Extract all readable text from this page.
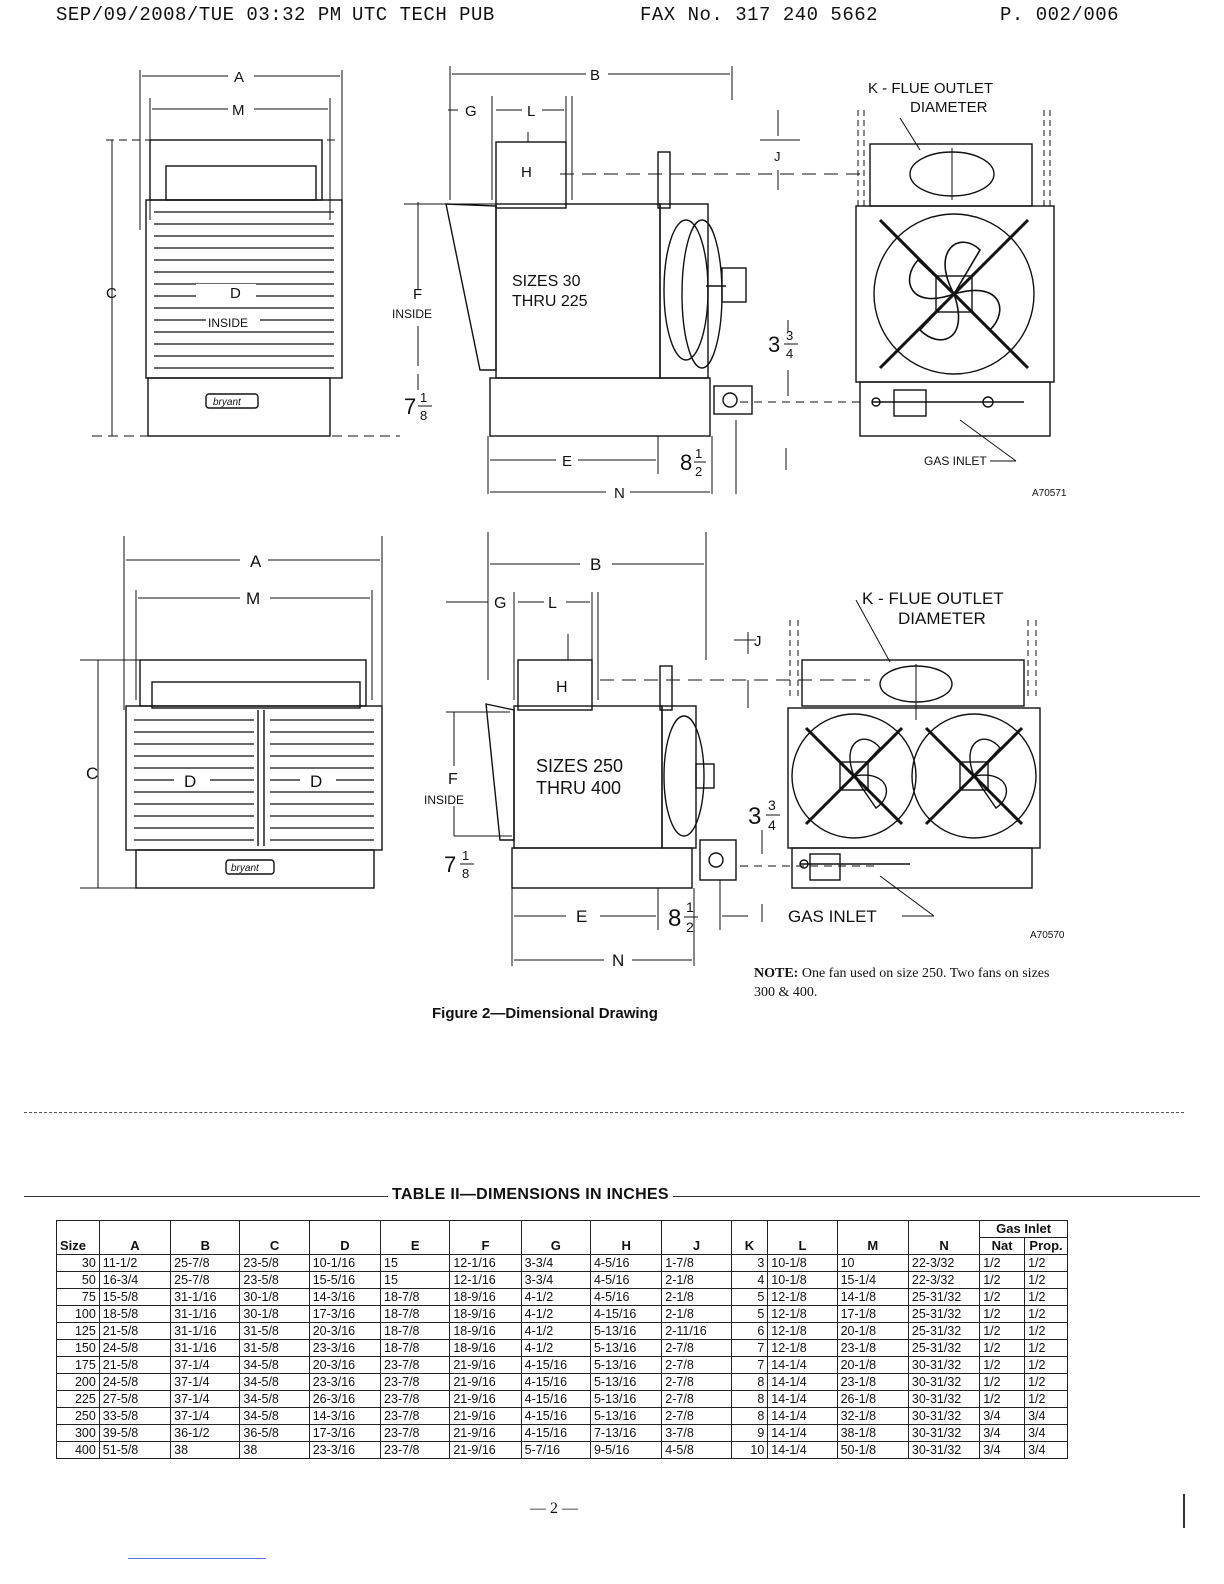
SEP/09/2008/TUE 03:32 PM UTC TECH PUB	FAX No. 317 240 5662	P. 002/006
A
M
C	D
INSIDE
bryant
B
G	L
H
F
INSIDE
SIZES 30
THRU 225
7 1
8
J
3 3
4
E	8 1
2
N
K - FLUE OUTLET
DIAMETER
GAS INLET
A70571
A
M
C	D	D
bryant
B
G	L
H
F
INSIDE
SIZES 250
THRU 400
7 1
8
J
3 3
4
E	8 1
2
N
K - FLUE OUTLET
DIAMETER
GAS INLET
A70570
NOTE: One fan used on size 250. Two fans on sizes 300 & 400.
Figure 2—Dimensional Drawing
TABLE II—DIMENSIONS IN INCHES
Size	A	B	C	D	E	F	G	H	J	K	L	M	N	Gas Inlet	
														Nat	Prop.
30	11-1/2	25-7/8	23-5/8	10-1/16	15	12-1/16	3-3/4	4-5/16	1-7/8	3	10-1/8	10	22-3/32	1/2	1/2
50	16-3/4	25-7/8	23-5/8	15-5/16	15	12-1/16	3-3/4	4-5/16	2-1/8	4	10-1/8	15-1/4	22-3/32	1/2	1/2
75	15-5/8	31-1/16	30-1/8	14-3/16	18-7/8	18-9/16	4-1/2	4-5/16	2-1/8	5	12-1/8	14-1/8	25-31/32	1/2	1/2
100	18-5/8	31-1/16	30-1/8	17-3/16	18-7/8	18-9/16	4-1/2	4-15/16	2-1/8	5	12-1/8	17-1/8	25-31/32	1/2	1/2
125	21-5/8	31-1/16	31-5/8	20-3/16	18-7/8	18-9/16	4-1/2	5-13/16	2-11/16	6	12-1/8	20-1/8	25-31/32	1/2	1/2
150	24-5/8	31-1/16	31-5/8	23-3/16	18-7/8	18-9/16	4-1/2	5-13/16	2-7/8	7	12-1/8	23-1/8	25-31/32	1/2	1/2
175	21-5/8	37-1/4	34-5/8	20-3/16	23-7/8	21-9/16	4-15/16	5-13/16	2-7/8	7	14-1/4	20-1/8	30-31/32	1/2	1/2
200	24-5/8	37-1/4	34-5/8	23-3/16	23-7/8	21-9/16	4-15/16	5-13/16	2-7/8	8	14-1/4	23-1/8	30-31/32	1/2	1/2
225	27-5/8	37-1/4	34-5/8	26-3/16	23-7/8	21-9/16	4-15/16	5-13/16	2-7/8	8	14-1/4	26-1/8	30-31/32	1/2	1/2
250	33-5/8	37-1/4	34-5/8	14-3/16	23-7/8	21-9/16	4-15/16	5-13/16	2-7/8	8	14-1/4	32-1/8	30-31/32	3/4	3/4
300	39-5/8	36-1/2	36-5/8	17-3/16	23-7/8	21-9/16	4-15/16	7-13/16	3-7/8	9	14-1/4	38-1/8	30-31/32	3/4	3/4
400	51-5/8	38	38	23-3/16	23-7/8	21-9/16	5-7/16	9-5/16	4-5/8	10	14-1/4	50-1/8	30-31/32	3/4	3/4
— 2 —
